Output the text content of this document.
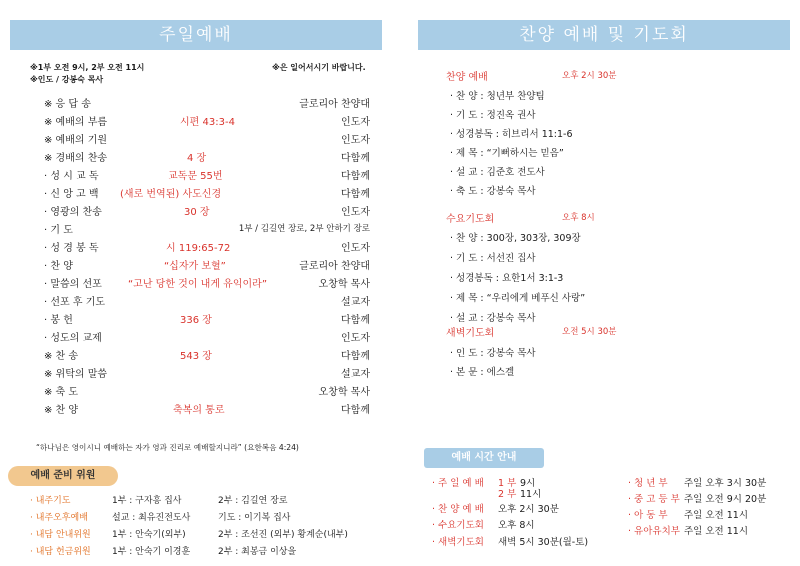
주일예배
※1부 오전 9시, 2부 오전 11시	※은 일어서시기 바랍니다.
※인도 / 강봉숙 목사
※ 응 답 송	글로리아 찬양대
※ 예배의 부름	시편 43:3-4	인도자
※ 예배의 기원	인도자
※ 경배의 찬송	4 장	다함께
· 성 시 교 독	교독문 55번	다함께
· 신 앙 고 백 (새로 번역된) 사도신경	다함께
· 영광의 찬송	30 장	인도자
· 기 도	1부 / 김길연 장로, 2부 안하기 장로
· 성 경 봉 독	시 119:65-72	인도자
· 찬 양	“십자가 보혈”	글로리아 찬양대
· 말씀의 선포	“고난 당한 것이 내게 유익이라”	오창학 목사
· 선포 후 기도	설교자
· 봉 헌	336 장	다함께
· 성도의 교제	인도자
※ 찬 송	543 장	다함께
※ 위탁의 말씀	설교자
※ 축 도	오창학 목사
※ 찬 양	축복의 통로	다함께
“하나님은 영이시니 예배하는 자가 영과 진리로 예배할지니라” (요한복음 4:24)
예배 준비 위원
· 내주기도	1부 : 구자흥 집사	2부 : 김길연 장로
· 내주오후예배	설교 : 최유진전도사	기도 : 이기복 집사
· 내담 안내위원 1부 : 안숙기(외부)	2부 : 조선진 (외부) 황계순(내부)
· 내담 헌금위원 1부 : 안숙기 이경훈	2부 : 최봉금 이상을
찬양 예배 및 기도회
찬양 예배	오후 2시 30분
· 찬 양 : 청년부 찬양팀
· 기 도 : 정진옥 권사
· 성경봉독 : 히브리서 11:1-6
· 제 목 : “기뻐하시는 믿음”
· 설 교 : 김준호 전도사
· 축 도 : 강봉숙 목사
수요기도회	오후 8시
· 찬 양 : 300장, 303장, 309장
· 기 도 : 서선진 집사
· 성경봉독 : 요한1서 3:1-3
· 제 목 : “우리에게 베푸신 사랑”
· 설 교 : 강봉숙 목사
새벽기도회	오전 5시 30분
· 인 도 : 강봉숙 목사
· 본 문 : 에스겔
예배 시간 안내
· 주 일 예 배 1 부 9시
2 부 11시
· 찬 양 예 배 오후 2시 30분
· 수요기도회 오후 8시
· 새벽기도회 새벽 5시 30분(월-토)
· 청 년 부 주일 오후 3시 30분
· 중 고 등 부 주일 오전 9시 20분
· 아 동 부 주일 오전 11시
· 유아유치부 주일 오전 11시
